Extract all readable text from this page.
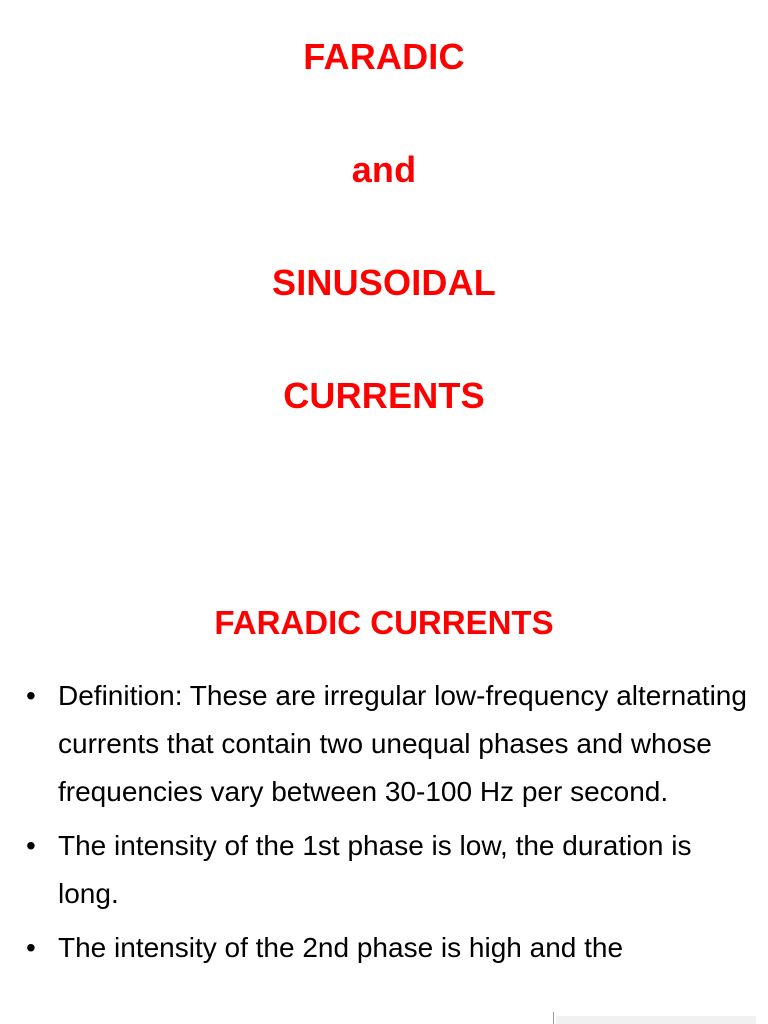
FARADIC
and
SINUSOIDAL
CURRENTS
FARADIC CURRENTS
• Definition: These are irregular low-frequency alternating currents that contain two unequal phases and whose frequencies vary between 30-100 Hz per second.
• The intensity of the 1st phase is low, the duration is long.
• The intensity of the 2nd phase is high and the
